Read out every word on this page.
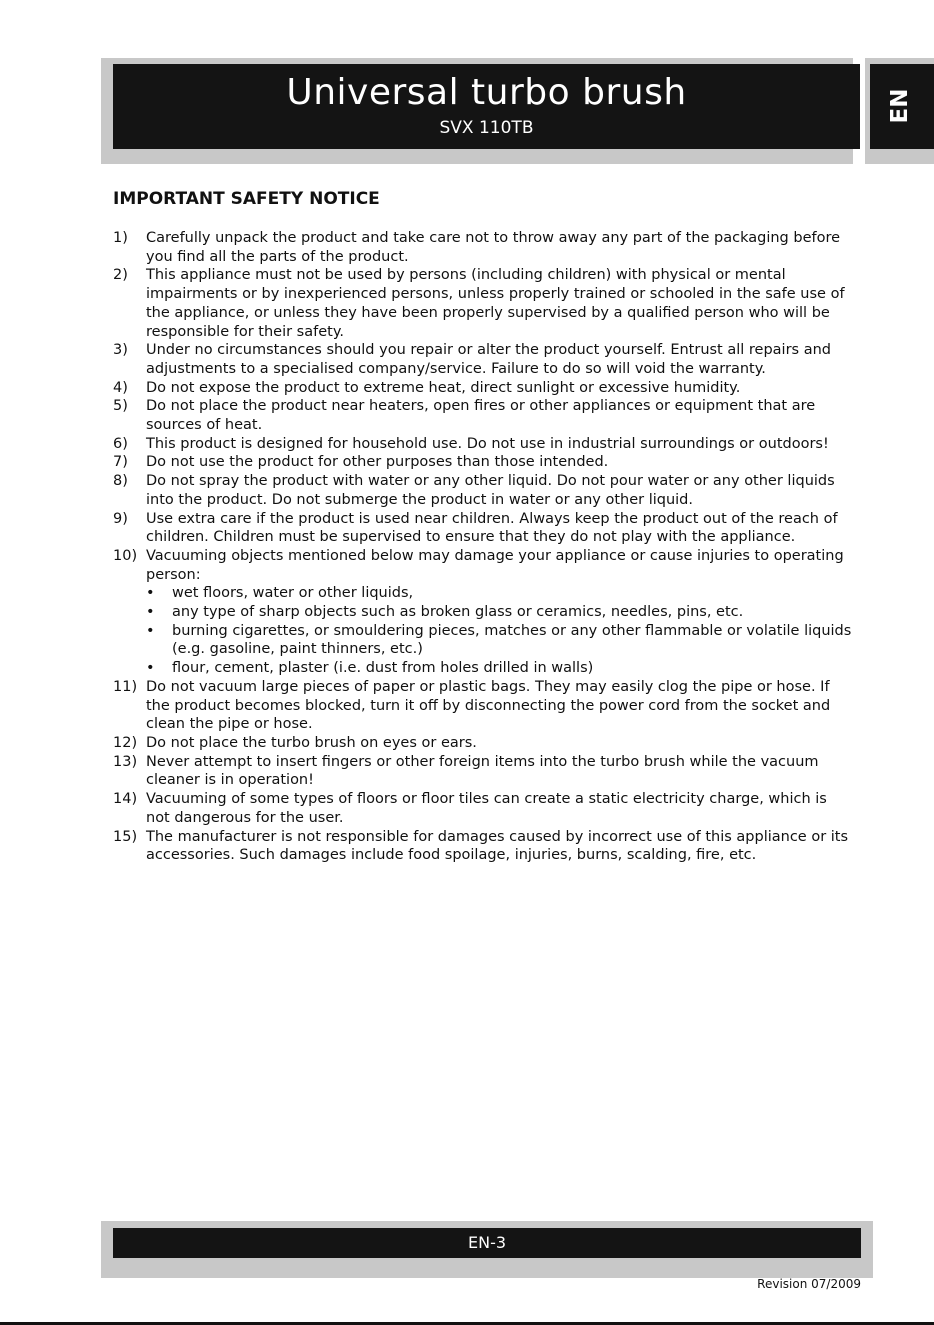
Universal turbo brush
SVX 110TB
EN
IMPORTANT SAFETY NOTICE
1)	Carefully unpack the product and take care not to throw away any part of the packaging before you find all the parts of the product.
2)	This appliance must not be used by persons (including children) with physical or mental impairments or by inexperienced persons, unless properly trained or schooled in the safe use of the appliance, or unless they have been properly supervised by a qualified person who will be responsible for their safety.
3)	Under no circumstances should you repair or alter the product yourself. Entrust all repairs and adjustments to a specialised company/service. Failure to do so will void the warranty.
4)	Do not expose the product to extreme heat, direct sunlight or excessive humidity.
5)	Do not place the product near heaters, open fires or other appliances or equipment that are sources of heat.
6)	This product is designed for household use. Do not use in industrial surroundings or outdoors!
7)	Do not use the product for other purposes than those intended.
8)	Do not spray the product with water or any other liquid. Do not pour water or any other liquids into the product. Do not submerge the product in water or any other liquid.
9)	Use extra care if the product is used near children. Always keep the product out of the reach of children. Children must be supervised to ensure that they do not play with the appliance.
10) Vacuuming objects mentioned below may damage your appliance or cause injuries to operating person:
•	wet floors, water or other liquids,
•	any type of sharp objects such as broken glass or ceramics, needles, pins, etc.
•	burning cigarettes, or smouldering pieces, matches or any other flammable or volatile liquids (e.g. gasoline, paint thinners, etc.)
•	flour, cement, plaster (i.e. dust from holes drilled in walls)
11) Do not vacuum large pieces of paper or plastic bags. They may easily clog the pipe or hose. If the product becomes blocked, turn it off by disconnecting the power cord from the socket and clean the pipe or hose.
12) Do not place the turbo brush on eyes or ears.
13) Never attempt to insert fingers or other foreign items into the turbo brush while the vacuum cleaner is in operation!
14) Vacuuming of some types of floors or floor tiles can create a static electricity charge, which is not dangerous for the user.
15) The manufacturer is not responsible for damages caused by incorrect use of this appliance or its accessories. Such damages include food spoilage, injuries, burns, scalding, fire, etc.
EN-3
Revision 07/2009
